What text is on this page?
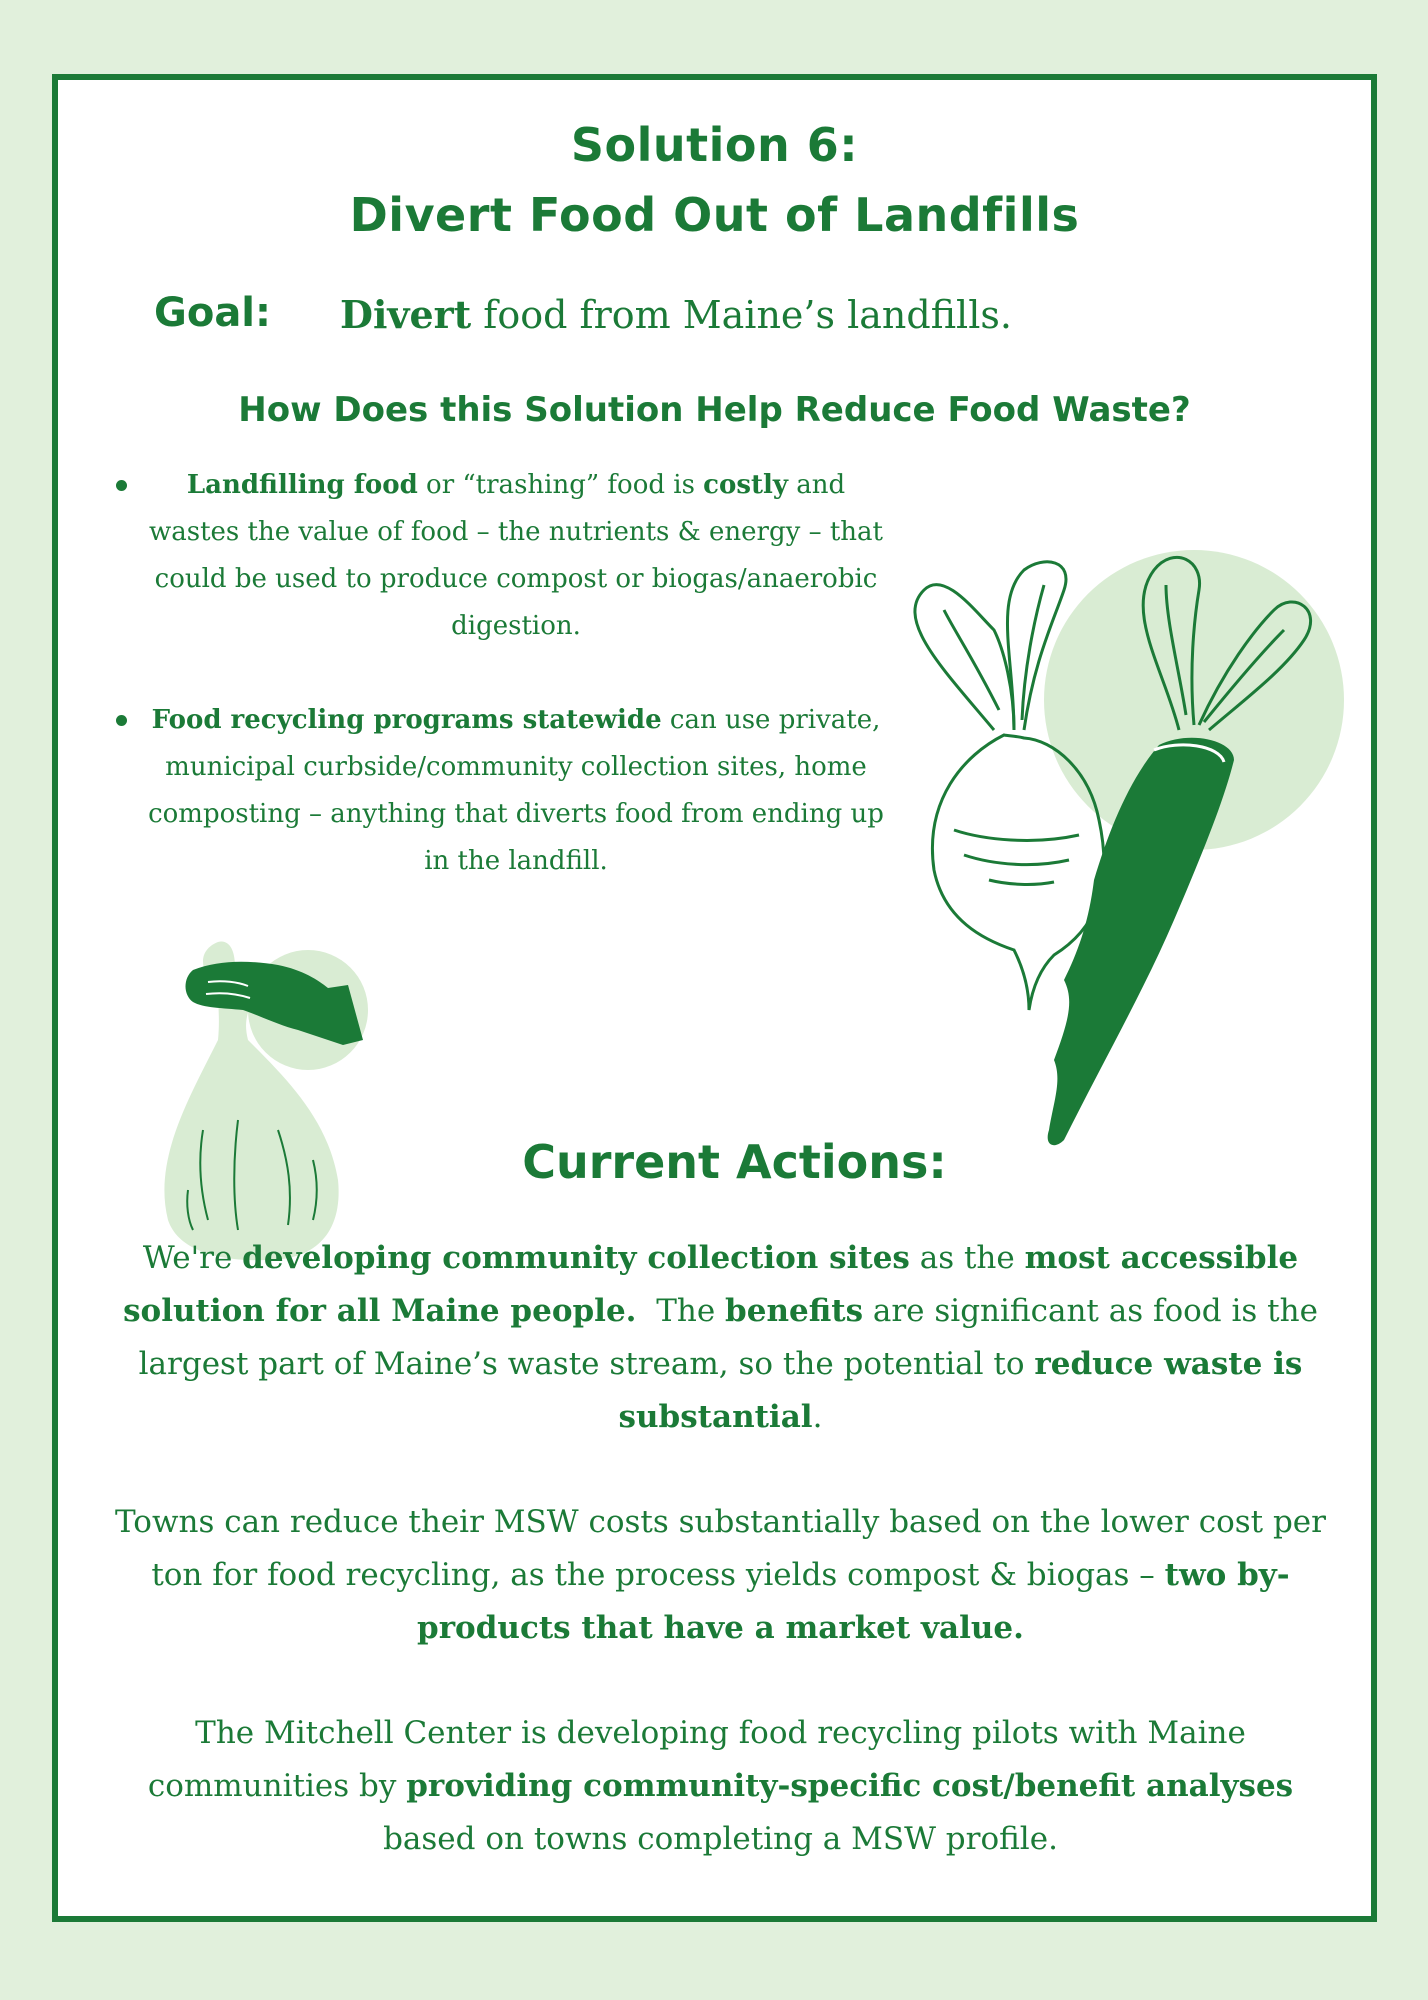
Solution 6:
Divert Food Out of Landfills
Goal: Divert food from Maine’s landfills.
How Does this Solution Help Reduce Food Waste?
Landfilling food or “trashing” food is costly and wastes the value of food – the nutrients & energy – that could be used to produce compost or biogas/anaerobic digestion.
Food recycling programs statewide can use private, municipal curbside/community collection sites, home composting – anything that diverts food from ending up in the landfill.
Current Actions:
We're developing community collection sites as the most accessible solution for all Maine people.  The benefits are significant as food is the largest part of Maine’s waste stream, so the potential to reduce waste is substantial.
Towns can reduce their MSW costs substantially based on the lower cost per ton for food recycling, as the process yields compost & biogas – two by-products that have a market value.
The Mitchell Center is developing food recycling pilots with Maine communities by providing community-specific cost/benefit analyses based on towns completing a MSW profile.
